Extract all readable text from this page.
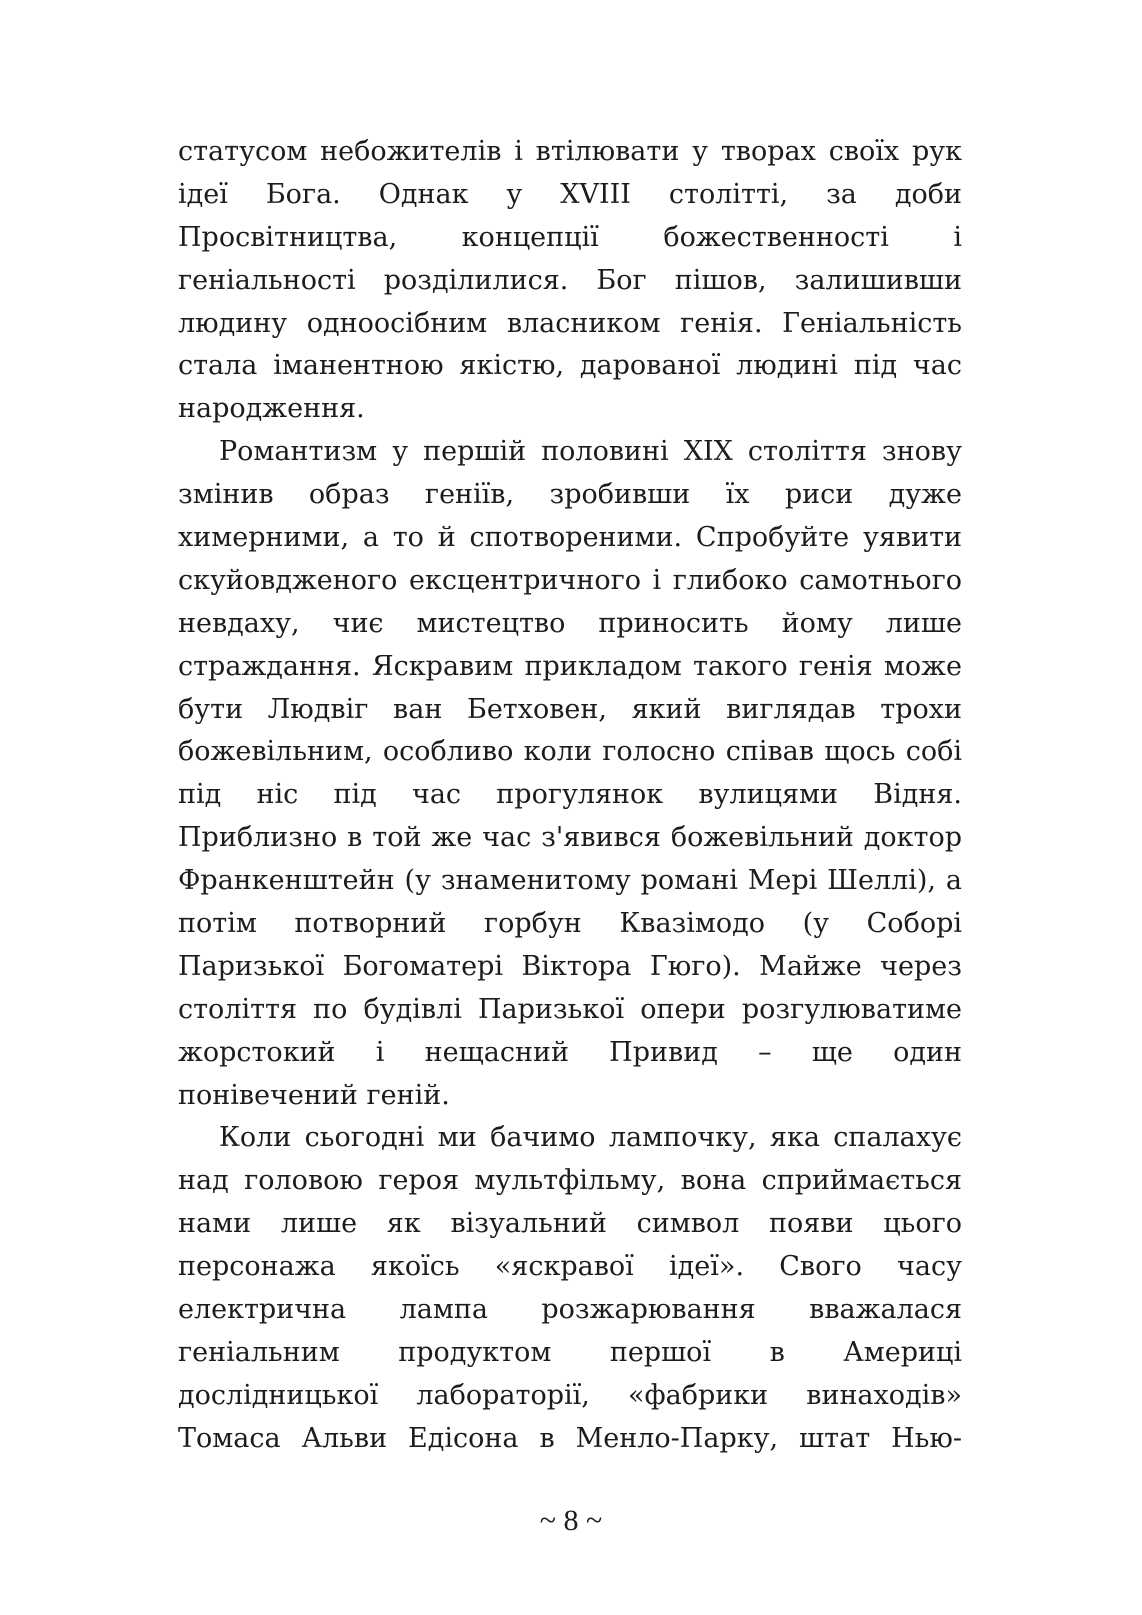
статусом небожителів і втілювати у творах своїх рук
ідеї Бога. Однак у XVIII столітті, за доби
Просвітництва, концепції божественності і
геніальності розділилися. Бог пішов, залишивши
людину одноосібним власником генія. Геніальність
стала іманентною якістю, дарованої людині під час
народження.
Романтизм у першій половині XIX століття знову
змінив образ геніїв, зробивши їх риси дуже
химерними, а то й спотвореними. Спробуйте уявити
скуйовдженого ексцентричного і глибоко самотнього
невдаху, чиє мистецтво приносить йому лише
страждання. Яскравим прикладом такого генія може
бути Людвіг ван Бетховен, який виглядав трохи
божевільним, особливо коли голосно співав щось собі
під ніс під час прогулянок вулицями Відня.
Приблизно в той же час з'явився божевільний доктор
Франкенштейн (у знаменитому романі Мері Шеллі), а
потім потворний горбун Квазімодо (у Соборі
Паризької Богоматері Віктора Гюго). Майже через
століття по будівлі Паризької опери розгулюватиме
жорстокий і нещасний Привид – ще один
понівечений геній.
Коли сьогодні ми бачимо лампочку, яка спалахує
над головою героя мультфільму, вона сприймається
нами лише як візуальний символ появи цього
персонажа якоїсь «яскравої ідеї». Свого часу
електрична лампа розжарювання вважалася
геніальним продуктом першої в Америці
дослідницької лабораторії, «фабрики винаходів»
Томаса Альви Едісона в Менло-Парку, штат Нью-
~ 8 ~
